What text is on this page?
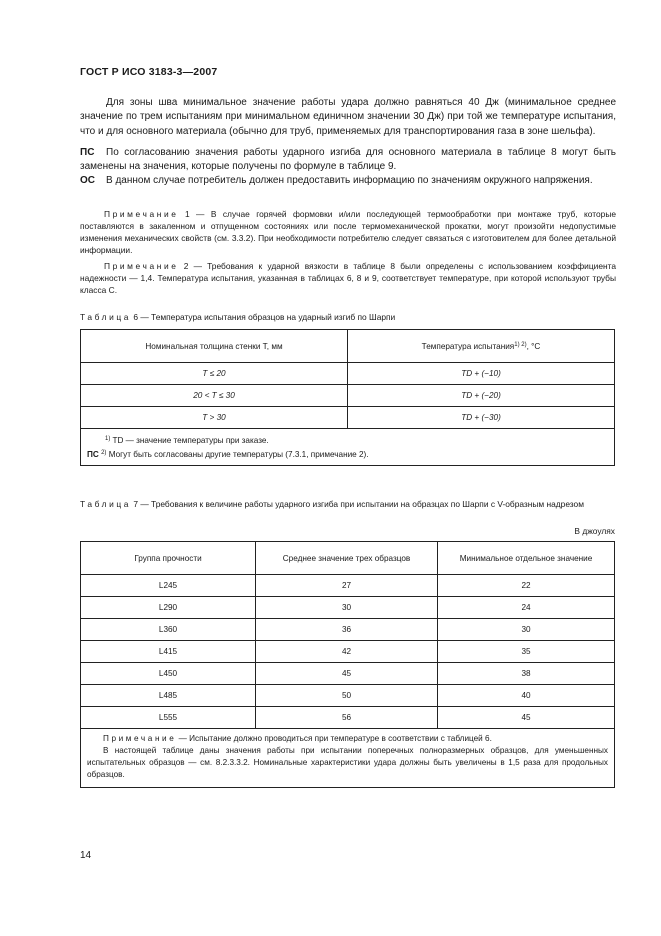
ГОСТ Р ИСО 3183-3—2007
Для зоны шва минимальное значение работы удара должно равняться 40 Дж (минимальное среднее значение по трем испытаниям при минимальном единичном значении 30 Дж) при той же температуре испытания, что и для основного материала (обычно для труб, применяемых для транспортирования газа в зоне шельфа).
ПС По согласованию значения работы ударного изгиба для основного материала в таблице 8 могут быть заменены на значения, которые получены по формуле в таблице 9.
ОС В данном случае потребитель должен предоставить информацию по значениям окружного напряжения.
Примечание 1 — В случае горячей формовки и/или последующей термообработки при монтаже труб, которые поставляются в закаленном и отпущенном состояниях или после термомеханической прокатки, могут произойти недопустимые изменения механических свойств (см. 3.3.2). При необходимости потребителю следует связаться с изготовителем для более детальной информации.
Примечание 2 — Требования к ударной вязкости в таблице 8 были определены с использованием коэффициента надежности — 1,4. Температура испытания, указанная в таблицах 6, 8 и 9, соответствует температуре, при которой используют трубы класса С.
Таблица 6 — Температура испытания образцов на ударный изгиб по Шарпи
Номинальная толщина стенки T, мм	Температура испытания$^{1) 2)}$, °C
T ≤ 20	TD + (−10)
20 < T ≤ 30	TD + (−20)
T > 30	TD + (−30)

$^{1)}$ TD — значение температуры при заказе.
ПС $^{2)}$ Могут быть согласованы другие температуры (7.3.1, примечание 2).	
Таблица 7 — Требования к величине работы ударного изгиба при испытании на образцах по Шарпи с V-образным надрезом
В джоулях
Группа прочности	Среднее значение трех образцов	Минимальное отдельное значение
L245	27	22
L290	30	24
L360	36	30
L415	42	35
L450	45	38
L485	50	40
L555	56	45

Примечание — Испытание должно проводиться при температуре в соответствии с таблицей 6.
В настоящей таблице даны значения работы при испытании поперечных полноразмерных образцов, для уменьшенных испытательных образцов — см. 8.2.3.3.2. Номинальные характеристики удара должны быть увеличены в 1,5 раза для продольных образцов.		
14
